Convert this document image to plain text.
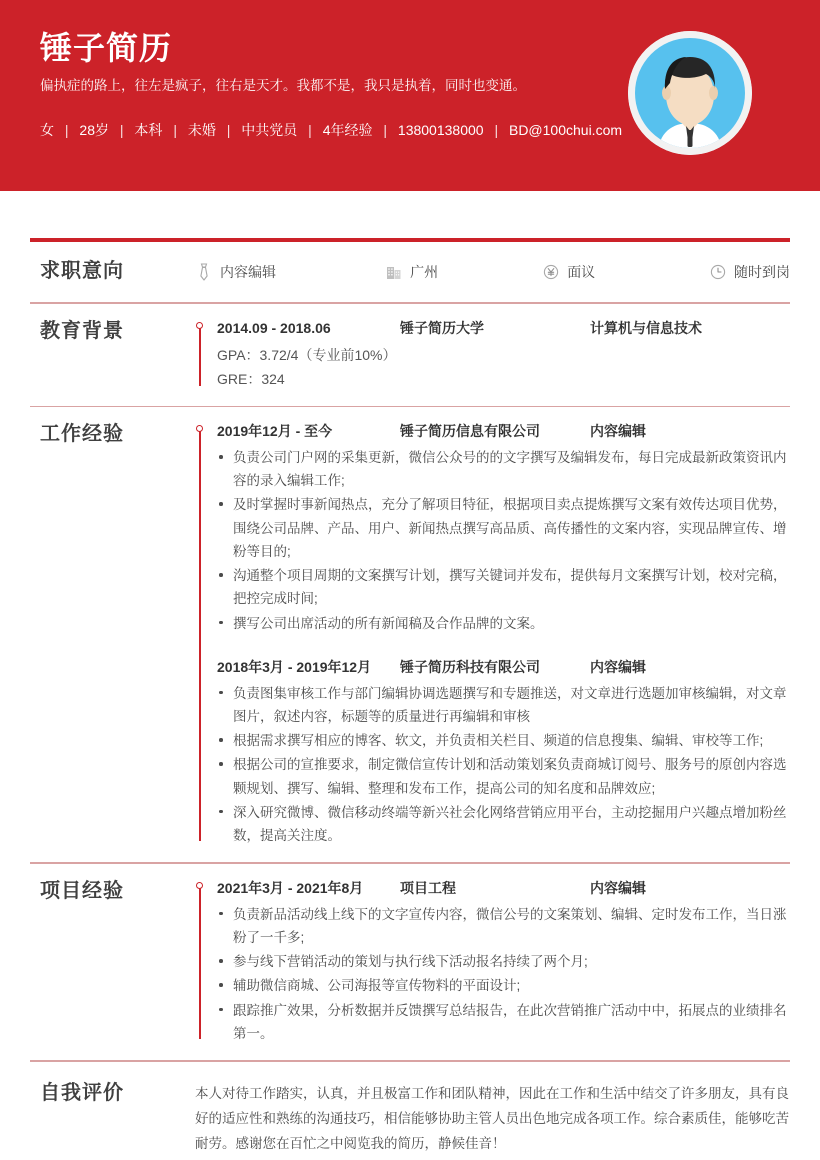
锤子简历

偏执症的路上，往左是疯子，往右是天才。我都不是，我只是执着，同时也变通。

女 | 28岁 | 本科 | 未婚 | 中共党员 | 4年经验 | 13800138000 | BD@100chui.com
求职意向	内容编辑	广州	面议	随时到岗
教育背景	2014.09 - 2018.06	锤子简历大学	计算机与信息技术
GPA：3.72/4（专业前10%）
GRE：324
工作经验	2019年12月 - 至今	锤子简历信息有限公司	内容编辑
负责公司门户网的采集更新，微信公众号的的文字撰写及编辑发布，每日完成最新政策资讯内容的录入编辑工作;
及时掌握时事新闻热点，充分了解项目特征，根据项目卖点提炼撰写文案有效传达项目优势，围绕公司品牌、产品、用户、新闻热点撰写高品质、高传播性的文案内容，实现品牌宣传、增粉等目的;
沟通整个项目周期的文案撰写计划，撰写关键词并发布，提供每月文案撰写计划，校对完稿，把控完成时间;
撰写公司出席活动的所有新闻稿及合作品牌的文案。
2018年3月 - 2019年12月	锤子简历科技有限公司	内容编辑
负责图集审核工作与部门编辑协调选题撰写和专题推送，对文章进行选题加审核编辑，对文章图片，叙述内容，标题等的质量进行再编辑和审核
根据需求撰写相应的博客、软文，并负责相关栏目、频道的信息搜集、编辑、审校等工作;
根据公司的宣推要求，制定微信宣传计划和活动策划案负责商城订阅号、服务号的原创内容选颗规划、撰写、编辑、整理和发布工作，提高公司的知名度和品牌效应;
深入研究微博、微信移动终端等新兴社会化网络营销应用平台，主动挖掘用户兴趣点增加粉丝数，提高关注度。
项目经验	2021年3月 - 2021年8月	项目工程	内容编辑
负责新品活动线上线下的文字宣传内容，微信公号的文案策划、编辑、定时发布工作，当日涨粉了一千多;
参与线下营销活动的策划与执行线下活动报名持续了两个月;
辅助微信商城、公司海报等宣传物料的平面设计;
跟踪推广效果，分析数据并反馈撰写总结报告，在此次营销推广活动中中，拓展点的业绩排名第一。
自我评价	本人对待工作踏实，认真，并且极富工作和团队精神，因此在工作和生活中结交了许多朋友，具有良好的适应性和熟练的沟通技巧，相信能够协助主管人员出色地完成各项工作。综合素质佳，能够吃苦耐劳。感谢您在百忙之中阅览我的简历，静候佳音！
